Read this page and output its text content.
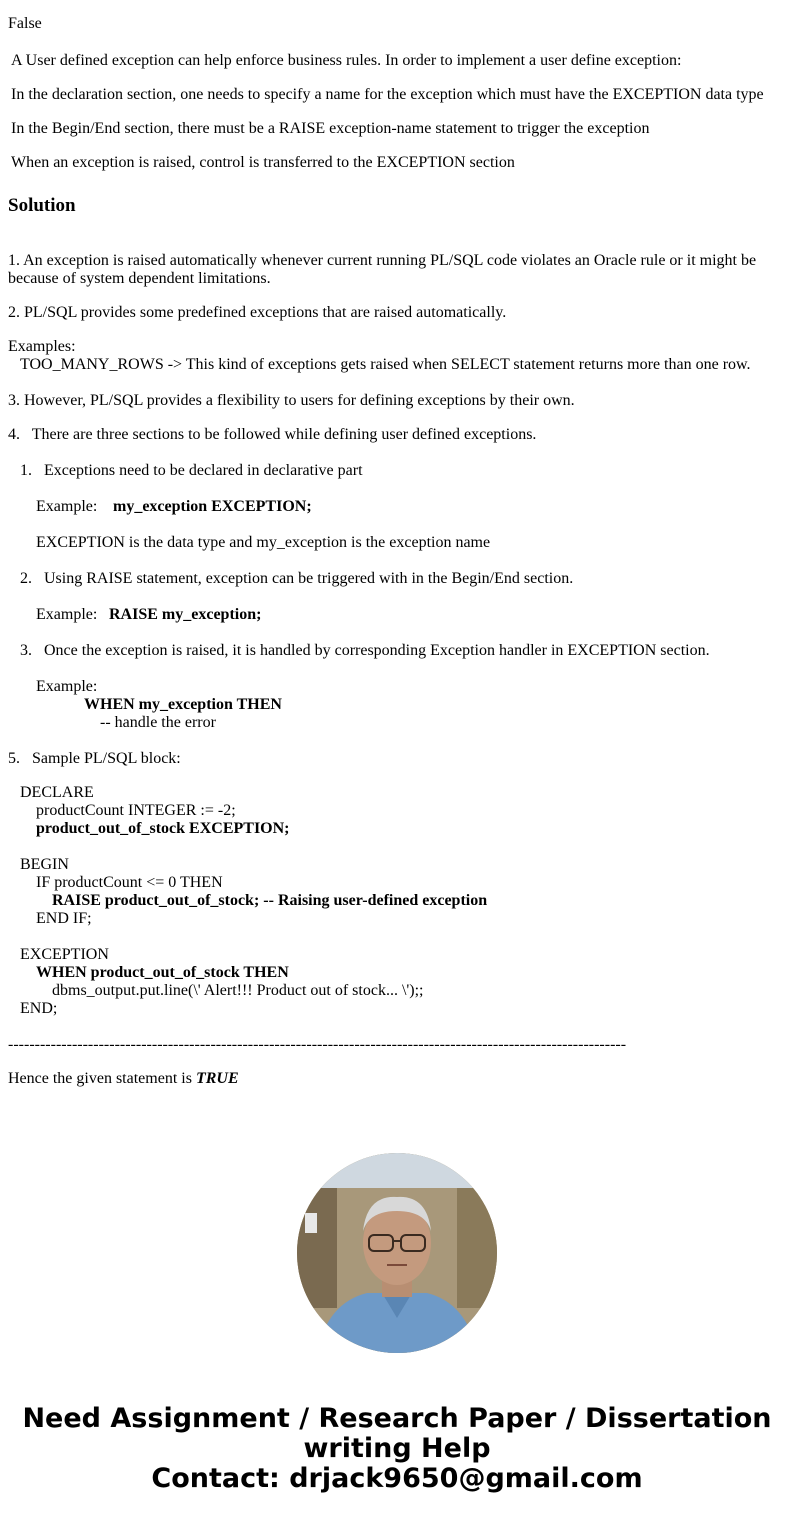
False
A User defined exception can help enforce business rules. In order to implement a user define exception:
In the declaration section, one needs to specify a name for the exception which must have the EXCEPTION data type
In the Begin/End section, there must be a RAISE exception-name statement to trigger the exception
When an exception is raised, control is transferred to the EXCEPTION section
Solution
1. An exception is raised automatically whenever current running PL/SQL code violates an Oracle rule or it might be
because of system dependent limitations.
2. PL/SQL provides some predefined exceptions that are raised automatically.
Examples:
TOO_MANY_ROWS -> This kind of exceptions gets raised when SELECT statement returns more than one row.
3. However, PL/SQL provides a flexibility to users for defining exceptions by their own.
4.   There are three sections to be followed while defining user defined exceptions.
1.   Exceptions need to be declared in declarative part
Example: my_exception EXCEPTION;
EXCEPTION is the data type and my_exception is the exception name
2.   Using RAISE statement, exception can be triggered with in the Begin/End section.
Example: RAISE my_exception;
3.   Once the exception is raised, it is handled by corresponding Exception handler in EXCEPTION section.
Example:
WHEN my_exception THEN
-- handle the error
5.   Sample PL/SQL block:
DECLARE
productCount INTEGER := -2;
product_out_of_stock EXCEPTION;
BEGIN
IF productCount <= 0 THEN
RAISE product_out_of_stock; -- Raising user-defined exception
END IF;
EXCEPTION
WHEN product_out_of_stock THEN
dbms_output.put.line(\' Alert!!! Product out of stock... \');;
END;
--------------------------------------------------------------------------------------------------------------------
Hence the given statement is TRUE
Need Assignment / Research Paper / Dissertation
writing Help
Contact: drjack9650@gmail.com
